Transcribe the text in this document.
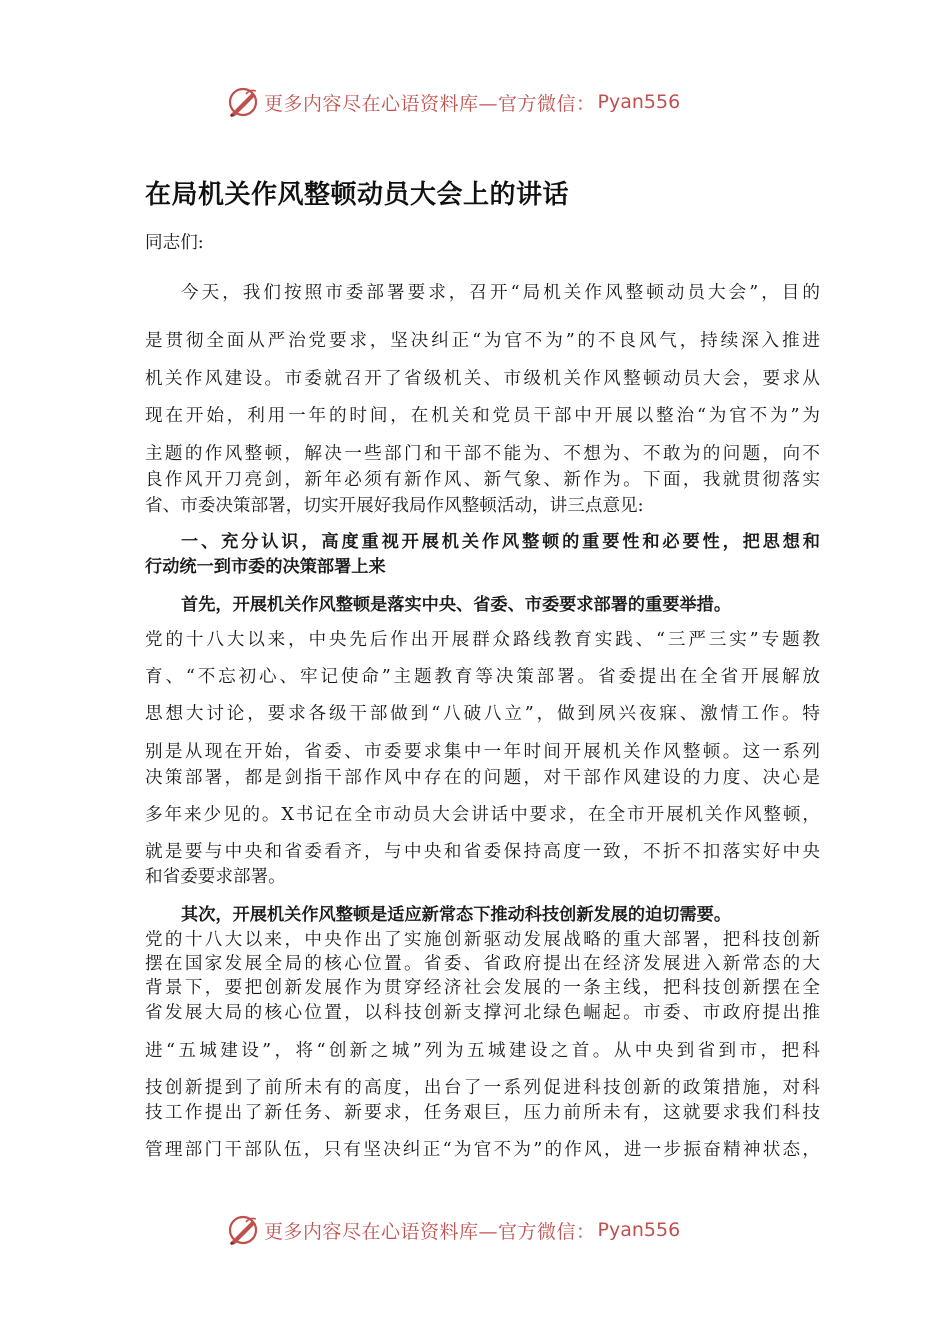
更多内容尽在心语资料库—官方微信： Pyan556
在局机关作风整顿动员大会上的讲话
同志们:
今天，我们按照市委部署要求，召开“局机关作风整顿动员大会”，目的
是贯彻全面从严治党要求，坚决纠正“为官不为”的不良风气，持续深入推进
机关作风建设。市委就召开了省级机关、市级机关作风整顿动员大会，要求从
现在开始，利用一年的时间，在机关和党员干部中开展以整治“为官不为”为
主题的作风整顿，解决一些部门和干部不能为、不想为、不敢为的问题，向不
良作风开刀亮剑，新年必须有新作风、新气象、新作为。下面，我就贯彻落实
省、市委决策部署，切实开展好我局作风整顿活动，讲三点意见:
一、充分认识，高度重视开展机关作风整顿的重要性和必要性，把思想和
行动统一到市委的决策部署上来
首先，开展机关作风整顿是落实中央、省委、市委要求部署的重要举措。
党的十八大以来，中央先后作出开展群众路线教育实践、“三严三实”专题教
育、“不忘初心、牢记使命”主题教育等决策部署。省委提出在全省开展解放
思想大讨论，要求各级干部做到“八破八立”，做到夙兴夜寐、激情工作。特
别是从现在开始，省委、市委要求集中一年时间开展机关作风整顿。这一系列
决策部署，都是剑指干部作风中存在的问题，对干部作风建设的力度、决心是
多年来少见的。X书记在全市动员大会讲话中要求，在全市开展机关作风整顿，
就是要与中央和省委看齐，与中央和省委保持高度一致，不折不扣落实好中央
和省委要求部署。
其次，开展机关作风整顿是适应新常态下推动科技创新发展的迫切需要。
党的十八大以来，中央作出了实施创新驱动发展战略的重大部署，把科技创新
摆在国家发展全局的核心位置。省委、省政府提出在经济发展进入新常态的大
背景下，要把创新发展作为贯穿经济社会发展的一条主线，把科技创新摆在全
省发展大局的核心位置，以科技创新支撑河北绿色崛起。市委、市政府提出推
进“五城建设”，将“创新之城”列为五城建设之首。从中央到省到市，把科
技创新提到了前所未有的高度，出台了一系列促进科技创新的政策措施，对科
技工作提出了新任务、新要求，任务艰巨，压力前所未有，这就要求我们科技
管理部门干部队伍，只有坚决纠正“为官不为”的作风，进一步振奋精神状态，
更多内容尽在心语资料库—官方微信： Pyan556
